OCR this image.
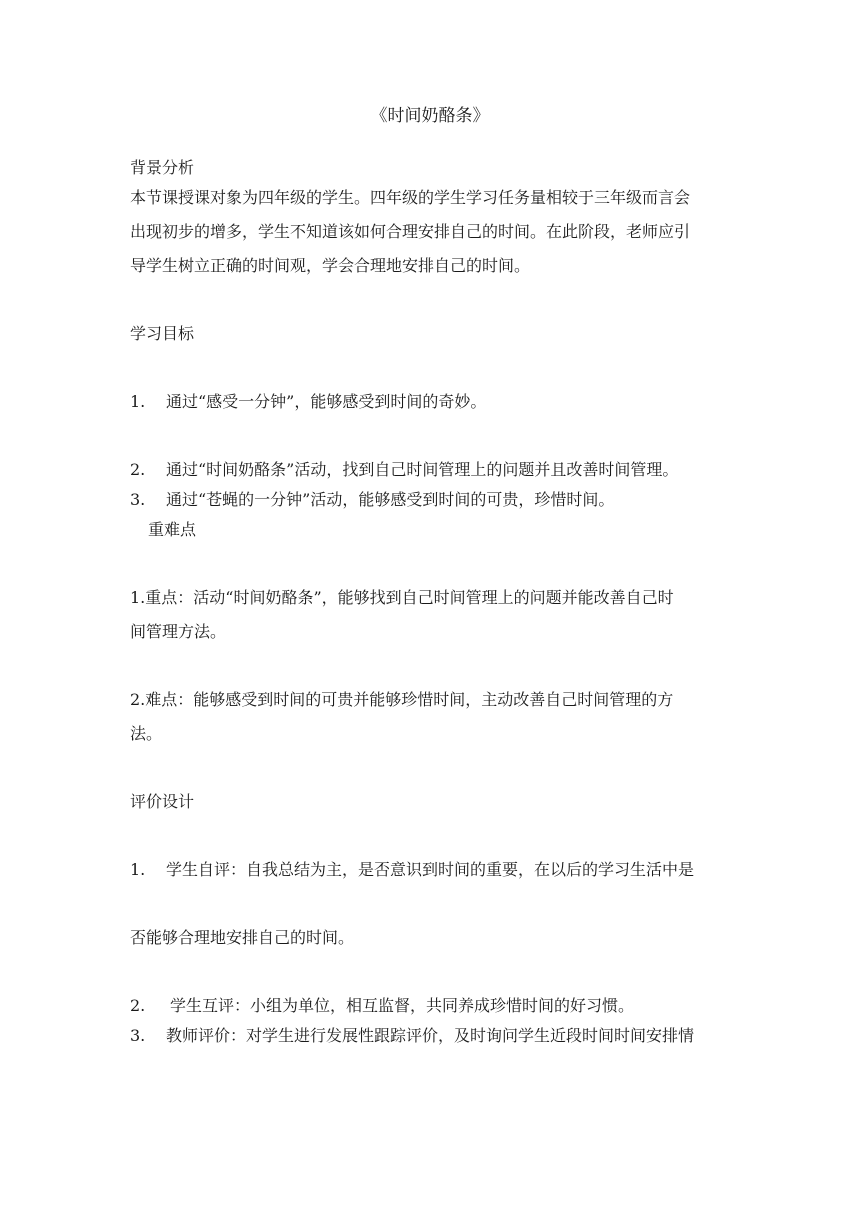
《时间奶酪条》
背景分析
本节课授课对象为四年级的学生。四年级的学生学习任务量相较于三年级而言会
出现初步的增多，学生不知道该如何合理安排自己的时间。在此阶段，老师应引
导学生树立正确的时间观，学会合理地安排自己的时间。
学习目标
1. 通过“感受一分钟”，能够感受到时间的奇妙。
2. 通过“时间奶酪条”活动，找到自己时间管理上的问题并且改善时间管理。
3. 通过“苍蝇的一分钟”活动，能够感受到时间的可贵，珍惜时间。
重难点
1.重点：活动“时间奶酪条”，能够找到自己时间管理上的问题并能改善自己时
间管理方法。
2.难点：能够感受到时间的可贵并能够珍惜时间，主动改善自己时间管理的方
法。
评价设计
1. 学生自评：自我总结为主，是否意识到时间的重要，在以后的学习生活中是
否能够合理地安排自己的时间。
2. 学生互评：小组为单位，相互监督，共同养成珍惜时间的好习惯。
3. 教师评价：对学生进行发展性跟踪评价，及时询问学生近段时间时间安排情
